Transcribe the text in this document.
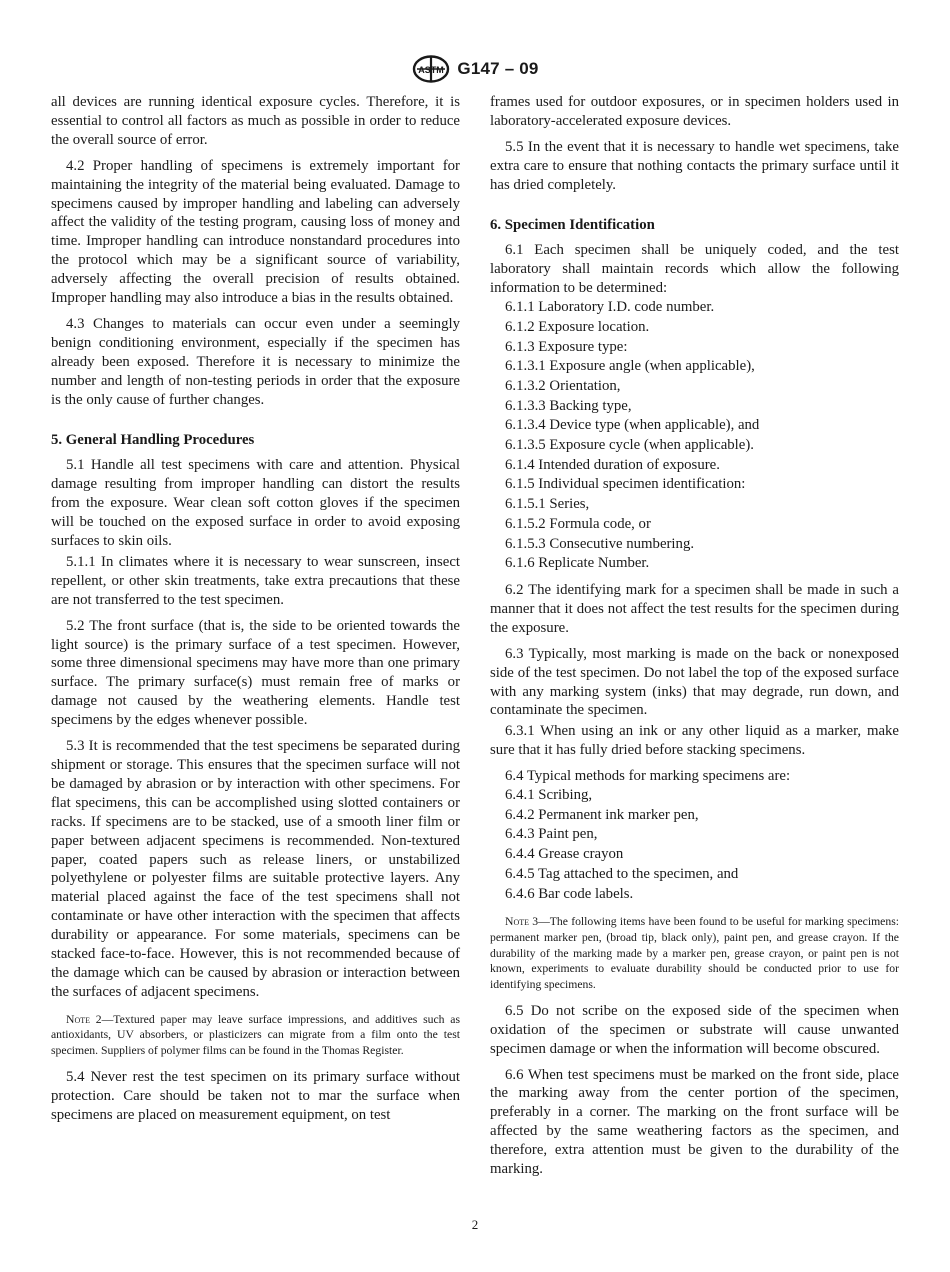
ASTM G147 – 09

all devices are running identical exposure cycles. Therefore, it is essential to control all factors as much as possible in order to reduce the overall source of error.

4.2 Proper handling of specimens is extremely important for maintaining the integrity of the material being evaluated. Damage to specimens caused by improper handling and labeling can adversely affect the validity of the testing program, causing loss of money and time. Improper handling can introduce nonstandard procedures into the protocol which may be a significant source of variability, adversely affecting the overall precision of results obtained. Improper handling may also introduce a bias in the results obtained.

4.3 Changes to materials can occur even under a seemingly benign conditioning environment, especially if the specimen has already been exposed. Therefore it is necessary to minimize the number and length of non-testing periods in order that the exposure is the only cause of further changes.

5. General Handling Procedures

5.1 Handle all test specimens with care and attention. Physical damage resulting from improper handling can distort the results from the exposure. Wear clean soft cotton gloves if the specimen will be touched on the exposed surface in order to avoid exposing surfaces to skin oils.

5.1.1 In climates where it is necessary to wear sunscreen, insect repellent, or other skin treatments, take extra precautions that these are not transferred to the test specimen.

5.2 The front surface (that is, the side to be oriented towards the light source) is the primary surface of a test specimen. However, some three dimensional specimens may have more than one primary surface. The primary surface(s) must remain free of marks or damage not caused by the weathering elements. Handle test specimens by the edges whenever possible.

5.3 It is recommended that the test specimens be separated during shipment or storage. This ensures that the specimen surface will not be damaged by abrasion or by interaction with other specimens. For flat specimens, this can be accomplished using slotted containers or racks. If specimens are to be stacked, use of a smooth liner film or paper between adjacent specimens is recommended. Non-textured paper, coated papers such as release liners, or unstabilized polyethylene or polyester films are suitable protective layers. Any material placed against the face of the test specimens shall not contaminate or have other interaction with the specimen that affects durability or appearance. For some materials, specimens can be stacked face-to-face. However, this is not recommended because of the damage which can be caused by abrasion or interaction between the surfaces of adjacent specimens.

Note 2—Textured paper may leave surface impressions, and additives such as antioxidants, UV absorbers, or plasticizers can migrate from a film onto the test specimen. Suppliers of polymer films can be found in the Thomas Register.

5.4 Never rest the test specimen on its primary surface without protection. Care should be taken not to mar the surface when specimens are placed on measurement equipment, on test

frames used for outdoor exposures, or in specimen holders used in laboratory-accelerated exposure devices.

5.5 In the event that it is necessary to handle wet specimens, take extra care to ensure that nothing contacts the primary surface until it has dried completely.

6. Specimen Identification

6.1 Each specimen shall be uniquely coded, and the test laboratory shall maintain records which allow the following information to be determined:

6.1.1 Laboratory I.D. code number.

6.1.2 Exposure location.

6.1.3 Exposure type:

6.1.3.1 Exposure angle (when applicable),

6.1.3.2 Orientation,

6.1.3.3 Backing type,

6.1.3.4 Device type (when applicable), and

6.1.3.5 Exposure cycle (when applicable).

6.1.4 Intended duration of exposure.

6.1.5 Individual specimen identification:

6.1.5.1 Series,

6.1.5.2 Formula code, or

6.1.5.3 Consecutive numbering.

6.1.6 Replicate Number.

6.2 The identifying mark for a specimen shall be made in such a manner that it does not affect the test results for the specimen during the exposure.

6.3 Typically, most marking is made on the back or nonexposed side of the test specimen. Do not label the top of the exposed surface with any marking system (inks) that may degrade, run down, and contaminate the specimen.

6.3.1 When using an ink or any other liquid as a marker, make sure that it has fully dried before stacking specimens.

6.4 Typical methods for marking specimens are:

6.4.1 Scribing,

6.4.2 Permanent ink marker pen,

6.4.3 Paint pen,

6.4.4 Grease crayon

6.4.5 Tag attached to the specimen, and

6.4.6 Bar code labels.

Note 3—The following items have been found to be useful for marking specimens: permanent marker pen, (broad tip, black only), paint pen, and grease crayon. If the durability of the marking made by a marker pen, grease crayon, or paint pen is not known, experiments to evaluate durability should be conducted prior to use for identifying specimens.

6.5 Do not scribe on the exposed side of the specimen when oxidation of the specimen or substrate will cause unwanted specimen damage or when the information will become obscured.

6.6 When test specimens must be marked on the front side, place the marking away from the center portion of the specimen, preferably in a corner. The marking on the front surface will be affected by the same weathering factors as the specimen, and therefore, extra attention must be given to the durability of the marking.

2
